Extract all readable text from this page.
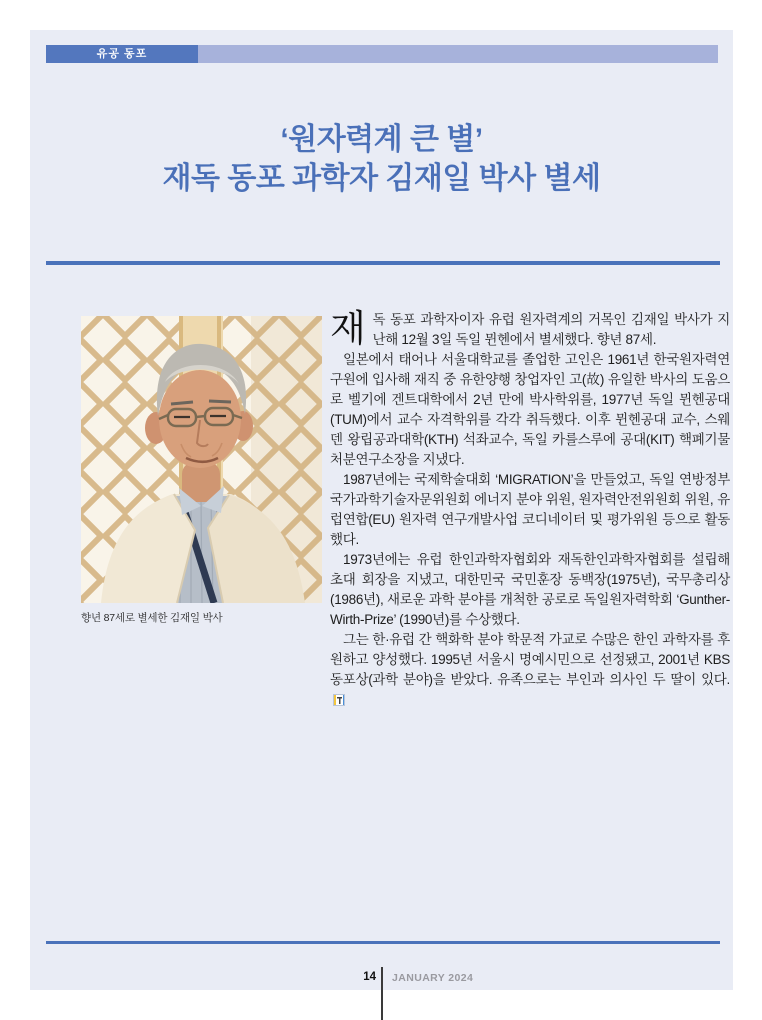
유공 동포
‘원자력계 큰 별’
재독 동포 과학자 김재일 박사 별세
향년 87세로 별세한 김재일 박사

재독 동포 과학자이자 유럽 원자력계의 거목인 김재일 박사가 지난해 12월 3일 독일 뮌헨에서 별세했다. 향년 87세.

일본에서 태어나 서울대학교를 졸업한 고인은 1961년 한국원자력연구원에 입사해 재직 중 유한양행 창업자인 고(故) 유일한 박사의 도움으로 벨기에 겐트대학에서 2년 만에 박사학위를, 1977년 독일 뮌헨공대(TUM)에서 교수 자격학위를 각각 취득했다. 이후 뮌헨공대 교수, 스웨덴 왕립공과대학(KTH) 석좌교수, 독일 카를스루에 공대(KIT) 핵폐기물처분연구소장을 지냈다.

1987년에는 국제학술대회 ‘MIGRATION’을 만들었고, 독일 연방정부 국가과학기술자문위원회 에너지 분야 위원, 원자력안전위원회 위원, 유럽연합(EU) 원자력 연구개발사업 코디네이터 및 평가위원 등으로 활동했다.

1973년에는 유럽 한인과학자협회와 재독한인과학자협회를 설립해 초대 회장을 지냈고, 대한민국 국민훈장 동백장(1975년), 국무총리상(1986년), 새로운 과학 분야를 개척한 공로로 독일원자력학회 ‘Gunther-Wirth-Prize’ (1990년)를 수상했다.

그는 한·유럽 간 핵화학 분야 학문적 가교로 수많은 한인 과학자를 후원하고 양성했다. 1995년 서울시 명예시민으로 선정됐고, 2001년 KBS 동포상(과학 분야)을 받았다. 유족으로는 부인과 의사인 두 딸이 있다.

14 JANUARY 2024
